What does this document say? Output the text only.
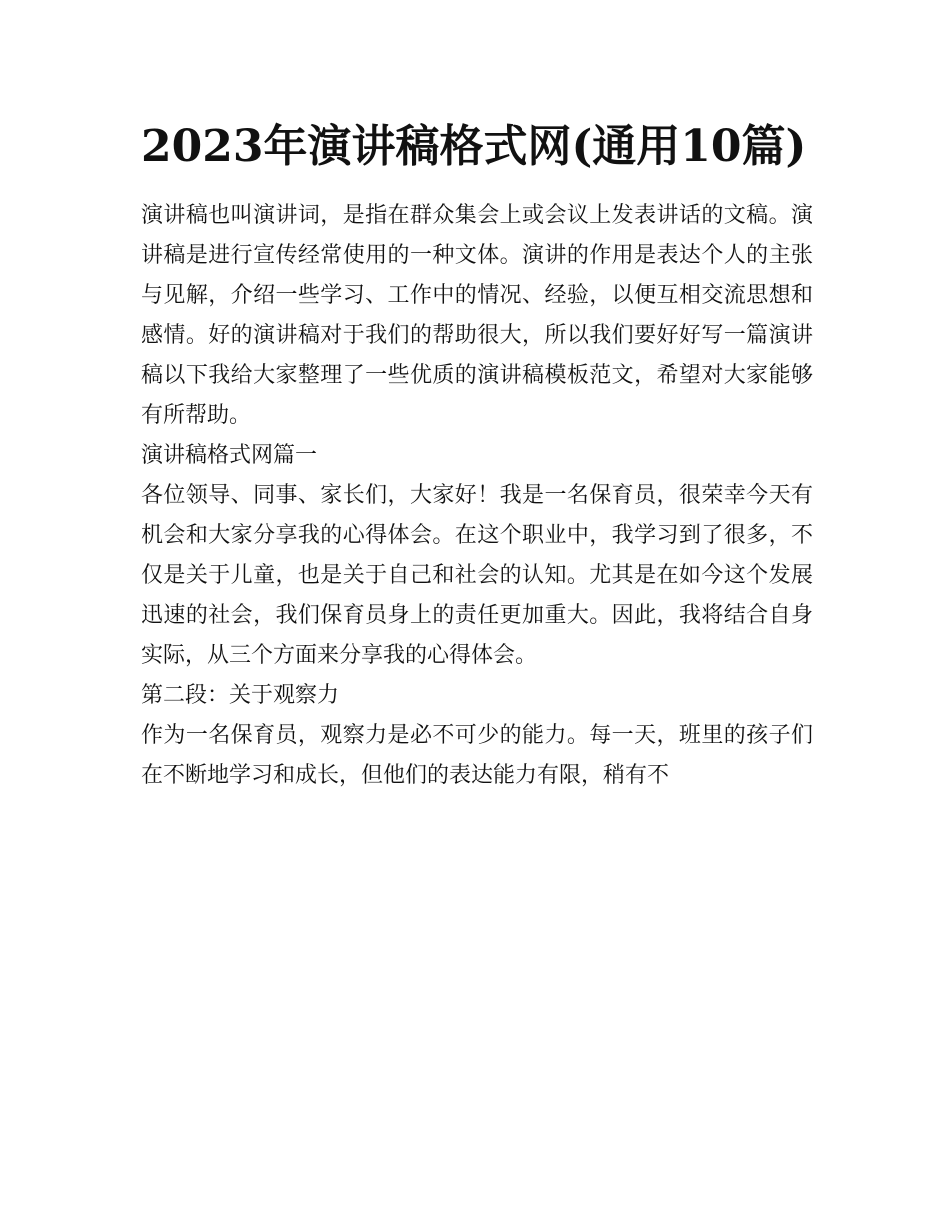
2023年演讲稿格式网(通用10篇)

演讲稿也叫演讲词，是指在群众集会上或会议上发表讲话的文稿。演讲稿是进行宣传经常使用的一种文体。演讲的作用是表达个人的主张与见解，介绍一些学习、工作中的情况、经验，以便互相交流思想和感情。好的演讲稿对于我们的帮助很大，所以我们要好好写一篇演讲稿以下我给大家整理了一些优质的演讲稿模板范文，希望对大家能够有所帮助。

演讲稿格式网篇一

各位领导、同事、家长们，大家好！我是一名保育员，很荣幸今天有机会和大家分享我的心得体会。在这个职业中，我学习到了很多，不仅是关于儿童，也是关于自己和社会的认知。尤其是在如今这个发展迅速的社会，我们保育员身上的责任更加重大。因此，我将结合自身实际，从三个方面来分享我的心得体会。

第二段：关于观察力

作为一名保育员，观察力是必不可少的能力。每一天，班里的孩子们在不断地学习和成长，但他们的表达能力有限，稍有不
